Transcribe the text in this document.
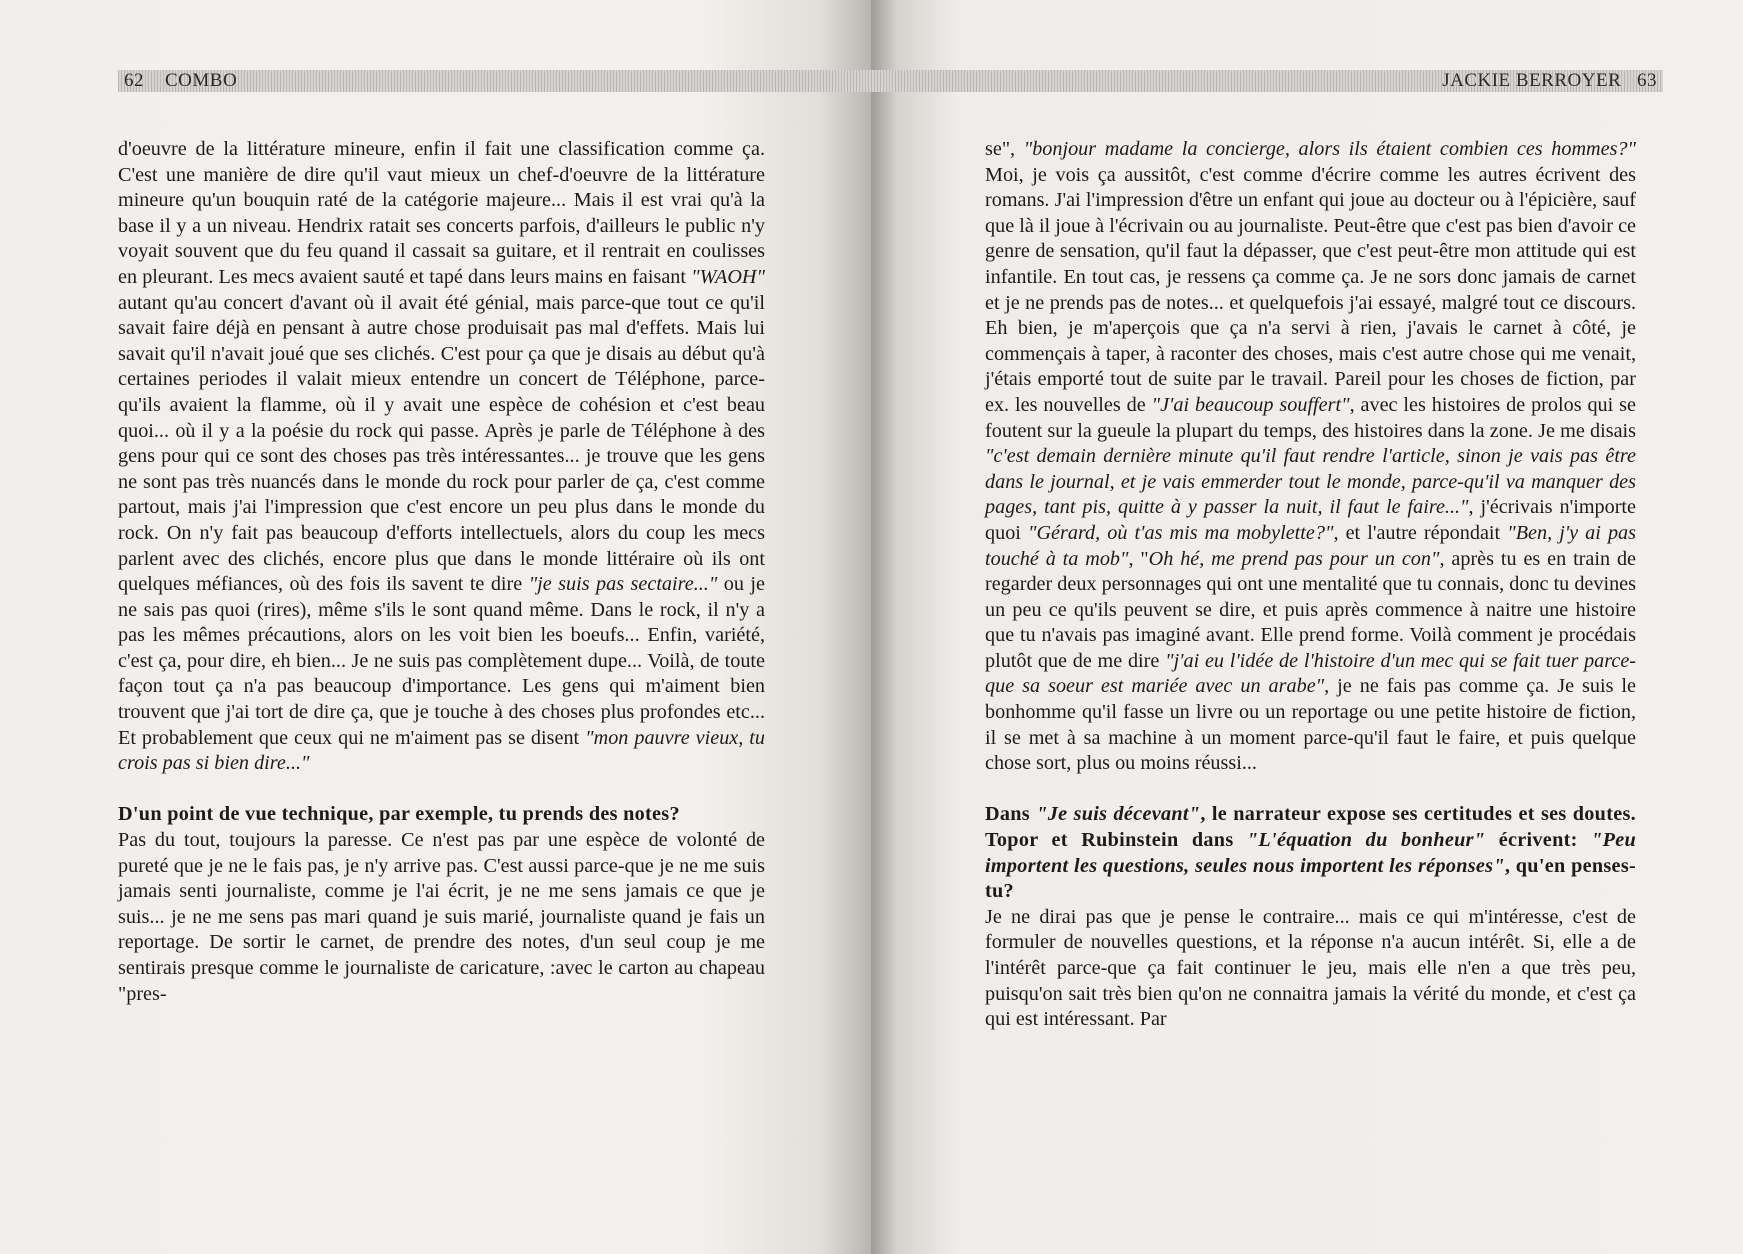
62 COMBO

d'oeuvre de la littérature mineure, enfin il fait une classification comme ça. C'est une manière de dire qu'il vaut mieux un chef-d'oeuvre de la littérature mineure qu'un bouquin raté de la catégorie majeure... Mais il est vrai qu'à la base il y a un niveau. Hendrix ratait ses concerts parfois, d'ailleurs le public n'y voyait souvent que du feu quand il cassait sa guitare, et il rentrait en coulisses en pleurant. Les mecs avaient sauté et tapé dans leurs mains en faisant "WAOH" autant qu'au concert d'avant où il avait été génial, mais parce-que tout ce qu'il savait faire déjà en pensant à autre chose produisait pas mal d'effets. Mais lui savait qu'il n'avait joué que ses clichés. C'est pour ça que je disais au début qu'à certaines periodes il valait mieux entendre un concert de Téléphone, parce-qu'ils avaient la flamme, où il y avait une espèce de cohésion et c'est beau quoi... où il y a la poésie du rock qui passe. Après je parle de Téléphone à des gens pour qui ce sont des choses pas très intéressantes... je trouve que les gens ne sont pas très nuancés dans le monde du rock pour parler de ça, c'est comme partout, mais j'ai l'impression que c'est encore un peu plus dans le monde du rock. On n'y fait pas beaucoup d'efforts intellectuels, alors du coup les mecs parlent avec des clichés, encore plus que dans le monde littéraire où ils ont quelques méfiances, où des fois ils savent te dire "je suis pas sectaire..." ou je ne sais pas quoi (rires), même s'ils le sont quand même. Dans le rock, il n'y a pas les mêmes précautions, alors on les voit bien les boeufs... Enfin, variété, c'est ça, pour dire, eh bien... Je ne suis pas complètement dupe... Voilà, de toute façon tout ça n'a pas beaucoup d'importance. Les gens qui m'aiment bien trouvent que j'ai tort de dire ça, que je touche à des choses plus profondes etc... Et probablement que ceux qui ne m'aiment pas se disent "mon pauvre vieux, tu crois pas si bien dire..."

D'un point de vue technique, par exemple, tu prends des notes?

Pas du tout, toujours la paresse. Ce n'est pas par une espèce de volonté de pureté que je ne le fais pas, je n'y arrive pas. C'est aussi parce-que je ne me suis jamais senti journaliste, comme je l'ai écrit, je ne me sens jamais ce que je suis... je ne me sens pas mari quand je suis marié, journaliste quand je fais un reportage. De sortir le carnet, de prendre des notes, d'un seul coup je me sentirais presque comme le journaliste de caricature, :avec le carton au chapeau "pres-

JACKIE BERROYER 63

se", "bonjour madame la concierge, alors ils étaient combien ces hommes?" Moi, je vois ça aussitôt, c'est comme d'écrire comme les autres écrivent des romans. J'ai l'impression d'être un enfant qui joue au docteur ou à l'épicière, sauf que là il joue à l'écrivain ou au journaliste. Peut-être que c'est pas bien d'avoir ce genre de sensation, qu'il faut la dépasser, que c'est peut-être mon attitude qui est infantile. En tout cas, je ressens ça comme ça. Je ne sors donc jamais de carnet et je ne prends pas de notes... et quelquefois j'ai essayé, malgré tout ce discours. Eh bien, je m'aperçois que ça n'a servi à rien, j'avais le carnet à côté, je commençais à taper, à raconter des choses, mais c'est autre chose qui me venait, j'étais emporté tout de suite par le travail. Pareil pour les choses de fiction, par ex. les nouvelles de "J'ai beaucoup souffert", avec les histoires de prolos qui se foutent sur la gueule la plupart du temps, des histoires dans la zone. Je me disais "c'est demain dernière minute qu'il faut rendre l'article, sinon je vais pas être dans le journal, et je vais emmerder tout le monde, parce-qu'il va manquer des pages, tant pis, quitte à y passer la nuit, il faut le faire...", j'écrivais n'importe quoi "Gérard, où t'as mis ma mobylette?", et l'autre répondait "Ben, j'y ai pas touché à ta mob", "Oh hé, me prend pas pour un con", après tu es en train de regarder deux personnages qui ont une mentalité que tu connais, donc tu devines un peu ce qu'ils peuvent se dire, et puis après commence à naitre une histoire que tu n'avais pas imaginé avant. Elle prend forme. Voilà comment je procédais plutôt que de me dire "j'ai eu l'idée de l'histoire d'un mec qui se fait tuer parce-que sa soeur est mariée avec un arabe", je ne fais pas comme ça. Je suis le bonhomme qu'il fasse un livre ou un reportage ou une petite histoire de fiction, il se met à sa machine à un moment parce-qu'il faut le faire, et puis quelque chose sort, plus ou moins réussi...

Dans "Je suis décevant", le narrateur expose ses certitudes et ses doutes. Topor et Rubinstein dans "L'équation du bonheur" écrivent: "Peu importent les questions, seules nous importent les réponses", qu'en penses-tu?

Je ne dirai pas que je pense le contraire... mais ce qui m'intéresse, c'est de formuler de nouvelles questions, et la réponse n'a aucun intérêt. Si, elle a de l'intérêt parce-que ça fait continuer le jeu, mais elle n'en a que très peu, puisqu'on sait très bien qu'on ne connaitra jamais la vérité du monde, et c'est ça qui est intéressant. Par
